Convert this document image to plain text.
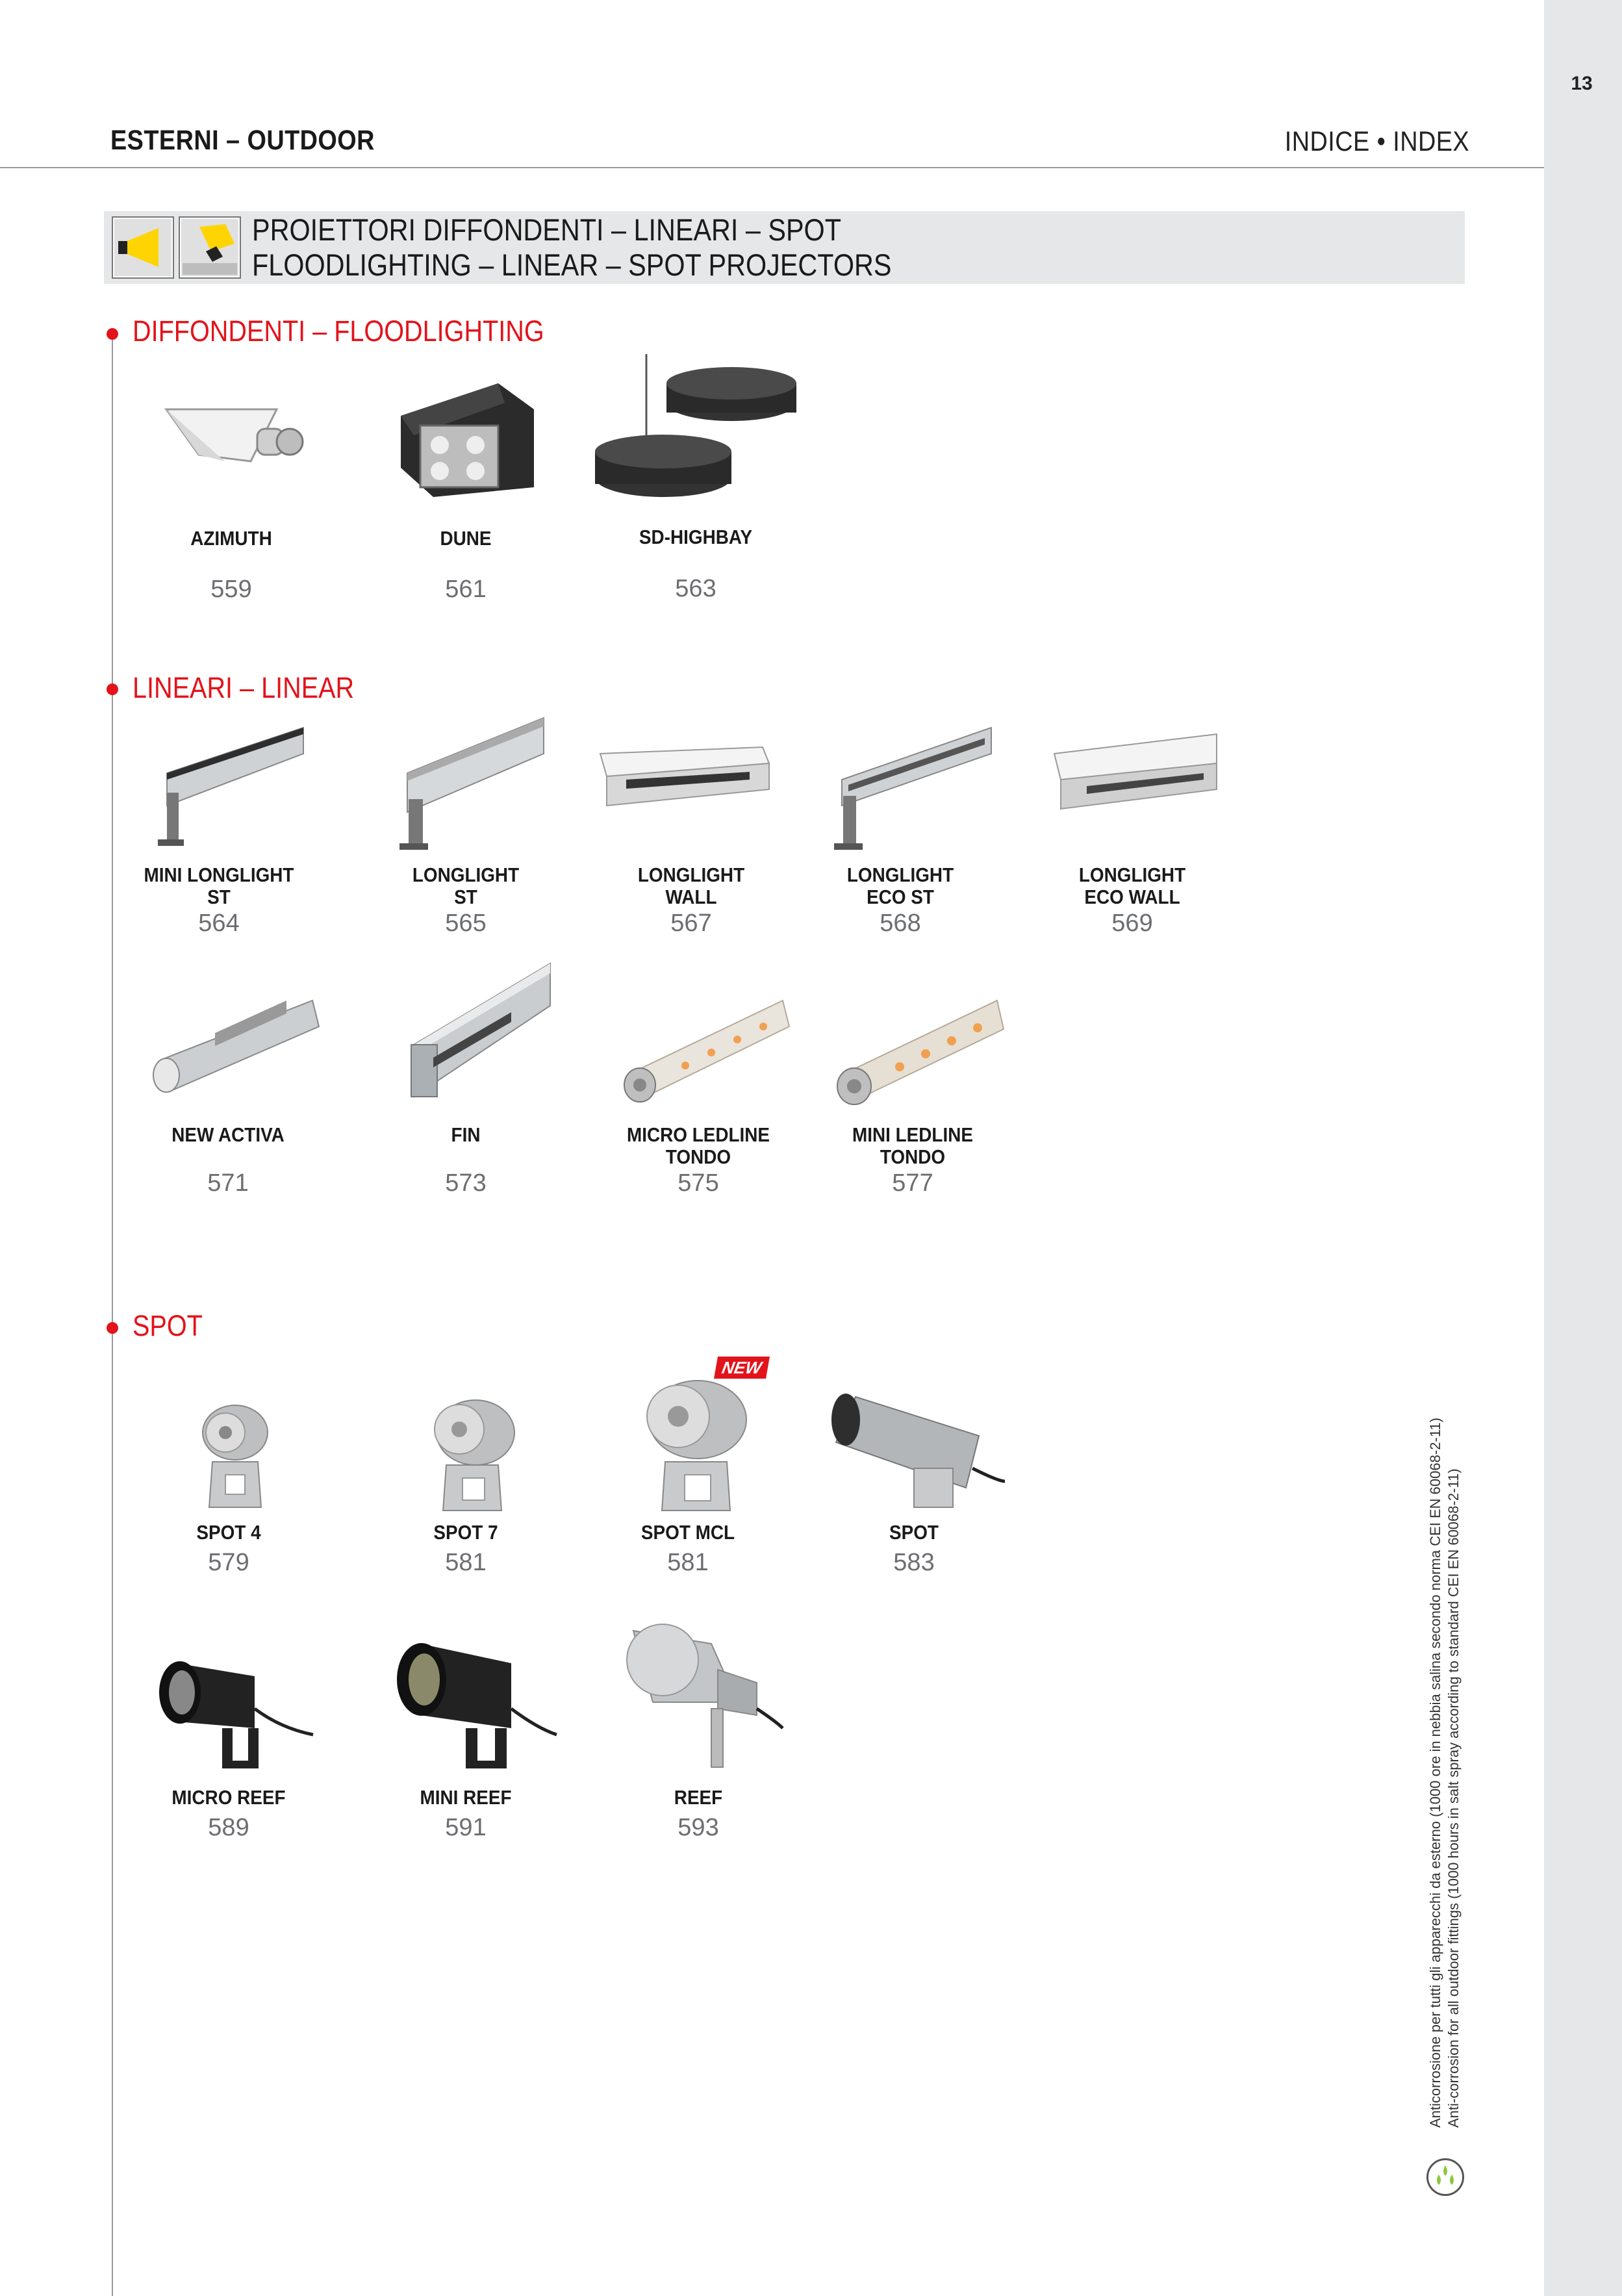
13
ESTERNI – OUTDOOR	INDICE • INDEX
PROIETTORI DIFFONDENTI – LINEARI – SPOT
FLOODLIGHTING – LINEAR – SPOT PROJECTORS
DIFFONDENTI – FLOODLIGHTING
AZIMUTH
559
DUNE
561
SD-HIGHBAY
563
LINEARI – LINEAR
MINI LONGLIGHT
ST
564
LONGLIGHT
ST
565
LONGLIGHT
WALL
567
LONGLIGHT
ECO ST
568
LONGLIGHT
ECO WALL
569
NEW ACTIVA
571
FIN
573
MICRO LEDLINE
TONDO
575
MINI LEDLINE
TONDO
577
SPOT
NEW
SPOT 4
579
SPOT 7
581
SPOT MCL
581
SPOT
583
MICRO REEF
589
MINI REEF
591
REEF
593	Anticorrosione per tutti gli apparecchi da esterno (1000 ore in nebbia salina secondo norma CEI EN 60068-2-11) Anti-corrosion for all outdoor fittings (1000 hours in salt spray according to standard CEI EN 60068-2-11)
